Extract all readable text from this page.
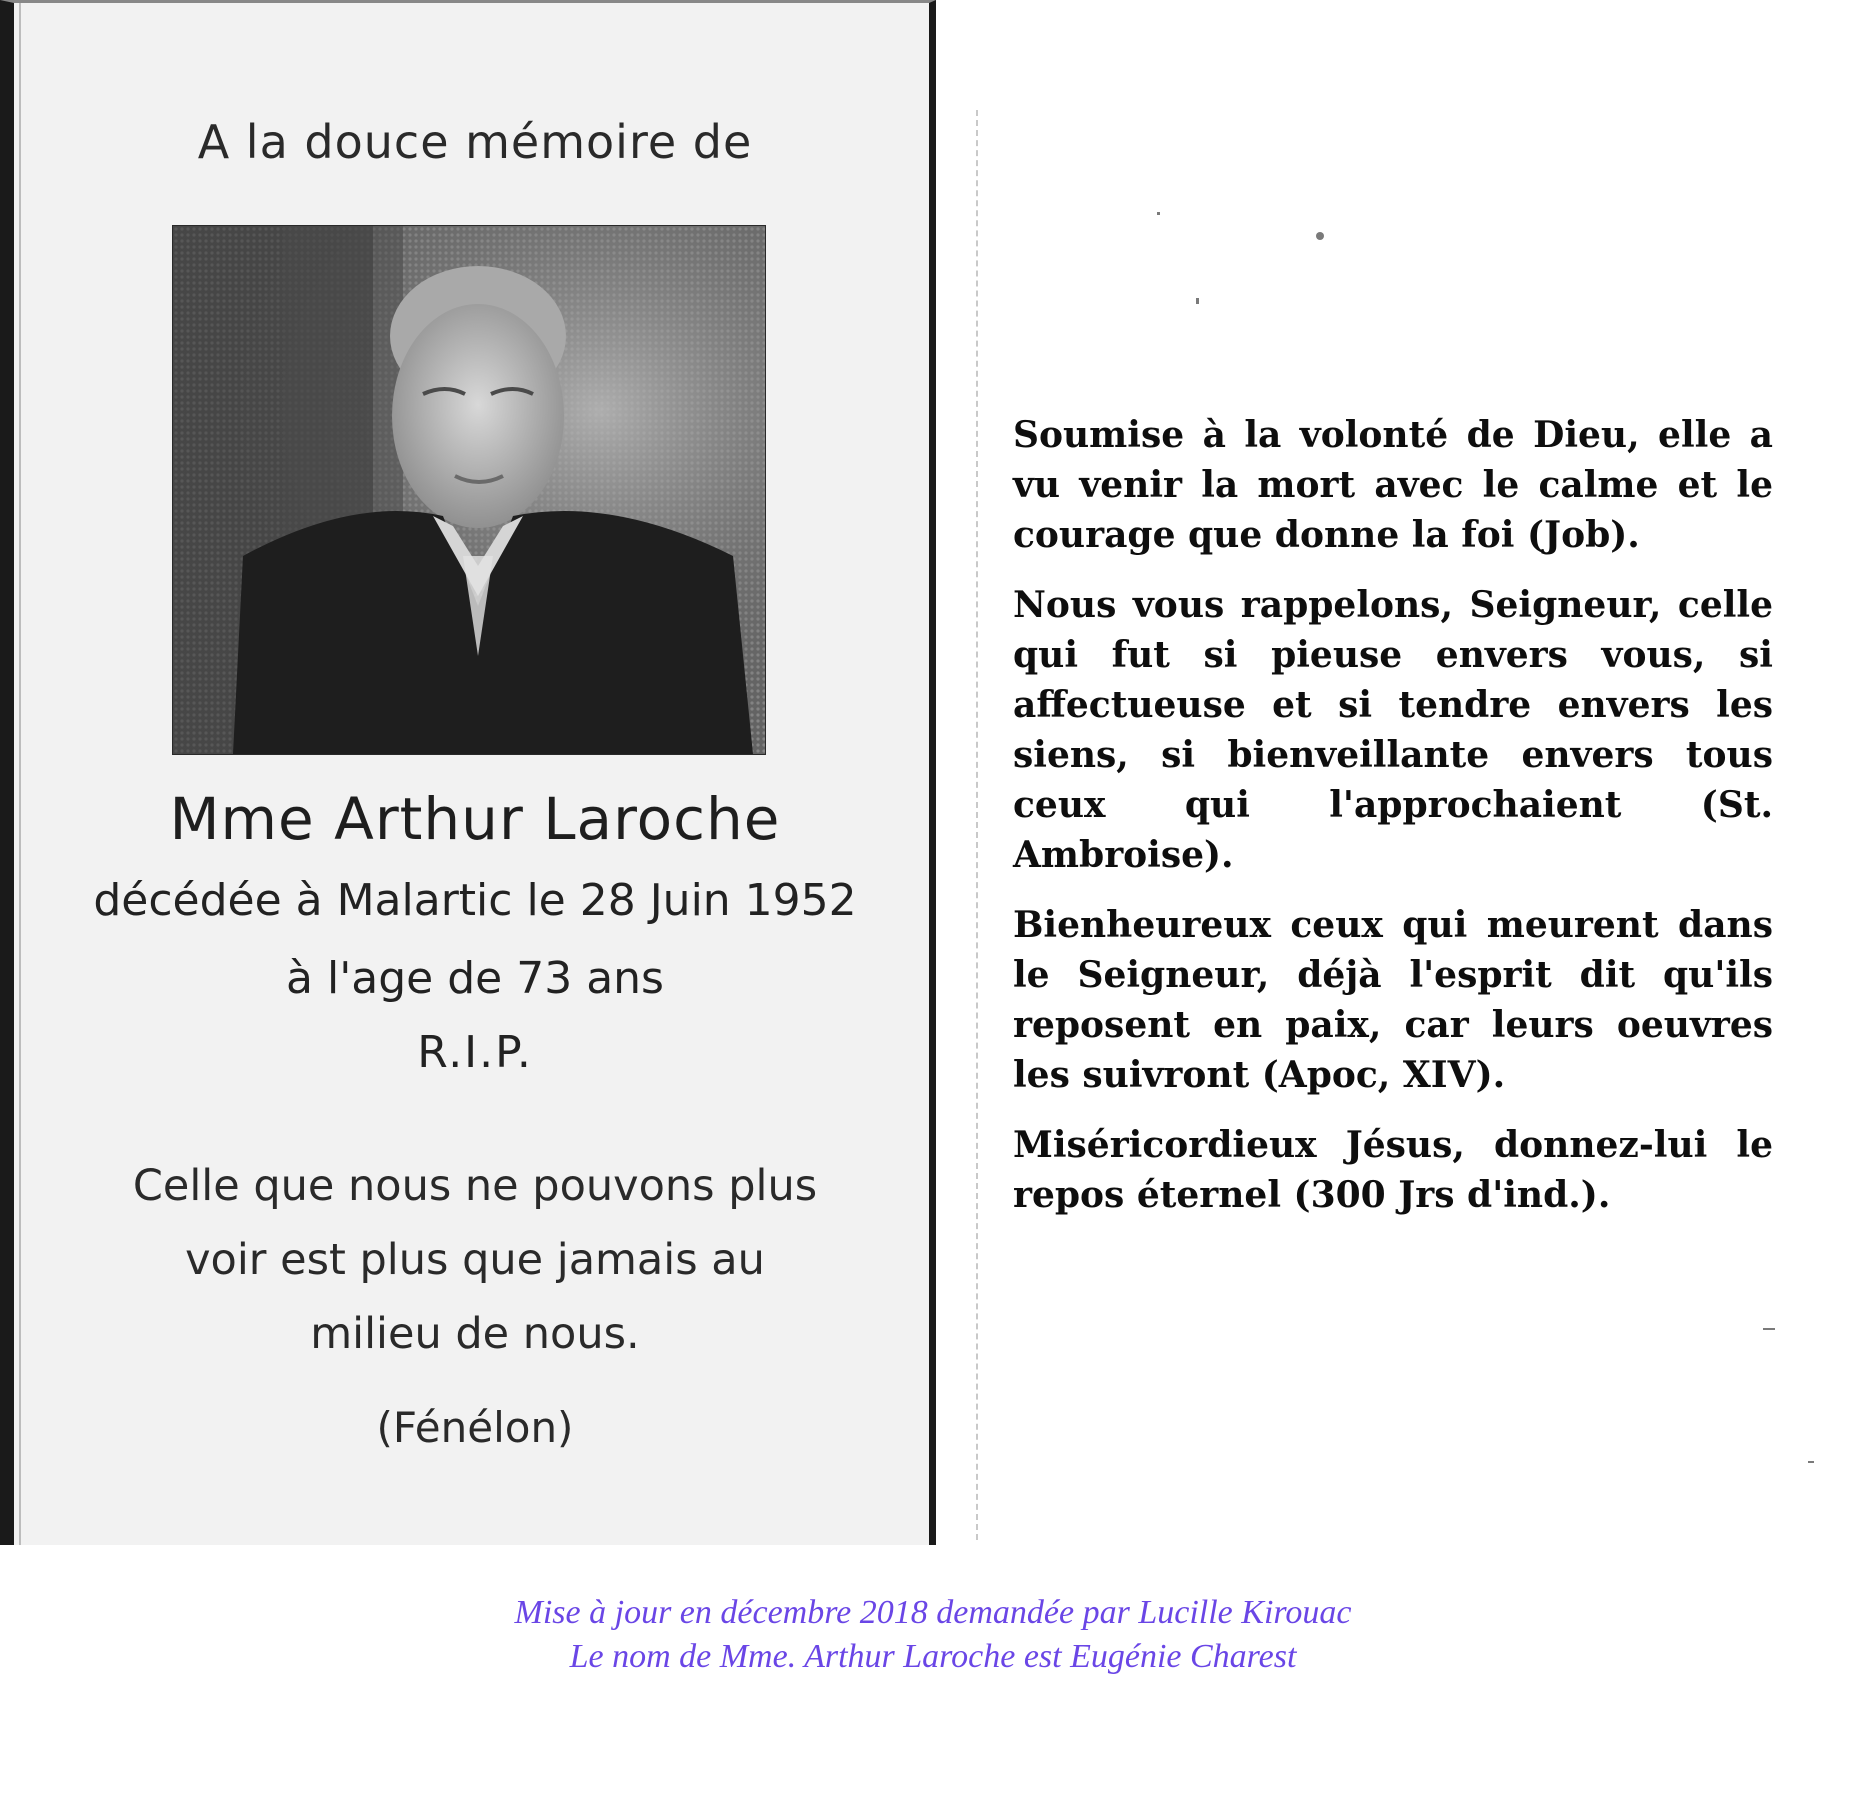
A la douce mémoire de
Mme Arthur Laroche
décédée à Malartic le 28 Juin 1952
à l'age de 73 ans
R.I.P.
Celle que nous ne pouvons plus
voir est plus que jamais au
milieu de nous.
(Fénélon)

Soumise à la volonté de Dieu, elle a vu venir la mort avec le calme et le courage que donne la foi (Job).

Nous vous rappelons, Seigneur, celle qui fut si pieuse envers vous, si affectueuse et si tendre envers les siens, si bienveillante envers tous ceux qui l'approchaient (St. Ambroise).

Bienheureux ceux qui meurent dans le Seigneur, déjà l'esprit dit qu'ils reposent en paix, car leurs oeuvres les suivront (Apoc, XIV).

Miséricordieux Jésus, donnez-lui le repos éternel (300 Jrs d'ind.).

Mise à jour en décembre 2018 demandée par Lucille Kirouac
Le nom de Mme. Arthur Laroche est Eugénie Charest
